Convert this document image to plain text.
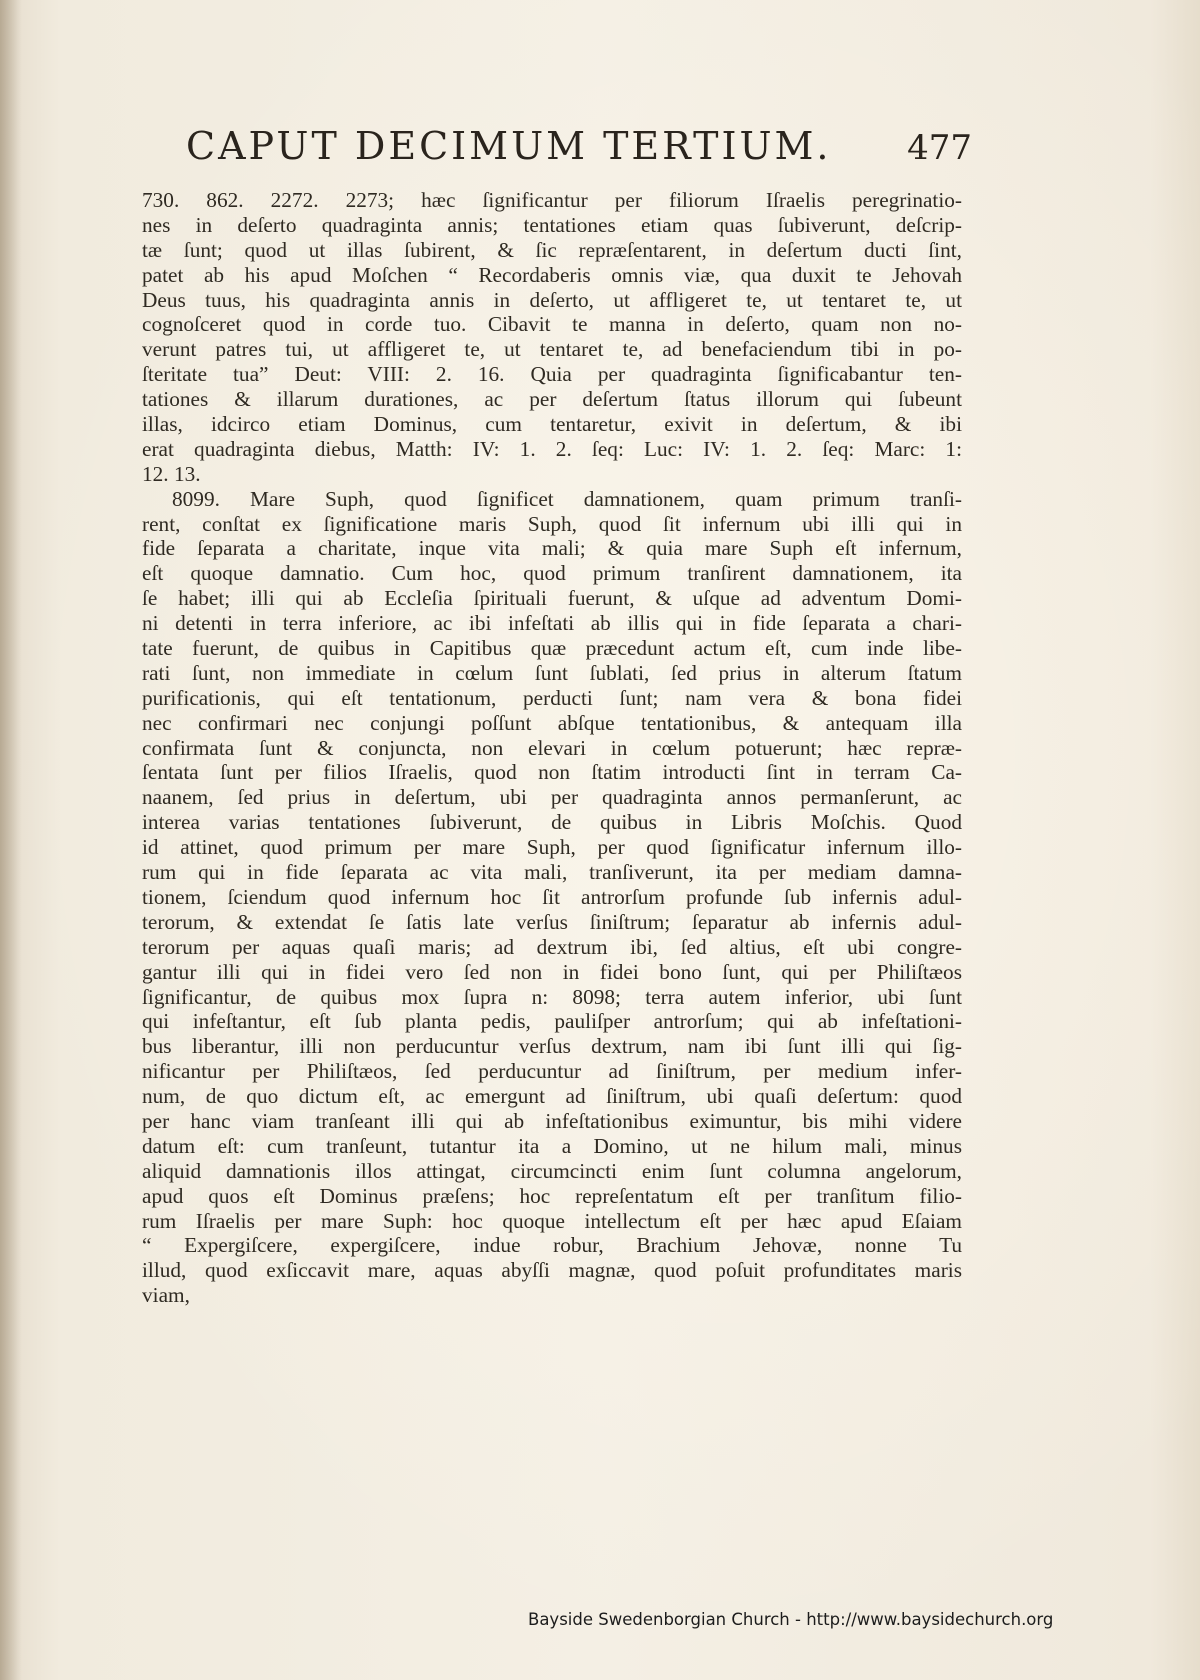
CAPUT DECIMUM TERTIUM. 477
730. 862. 2272. 2273; hæc ſignificantur per filiorum Iſraelis peregrinatio-
nes in deſerto quadraginta annis; tentationes etiam quas ſubiverunt, deſcrip-
tæ ſunt; quod ut illas ſubirent, & ſic repræſentarent, in deſertum ducti ſint,
patet ab his apud Moſchen “ Recordaberis omnis viæ, qua duxit te Jehovah
Deus tuus, his quadraginta annis in deſerto, ut affligeret te, ut tentaret te, ut
cognoſceret quod in corde tuo. Cibavit te manna in deſerto, quam non no-
verunt patres tui, ut affligeret te, ut tentaret te, ad benefaciendum tibi in po-
ſteritate tua” Deut: VIII: 2. 16. Quia per quadraginta ſignificabantur ten-
tationes & illarum durationes, ac per deſertum ſtatus illorum qui ſubeunt
illas, idcirco etiam Dominus, cum tentaretur, exivit in deſertum, & ibi
erat quadraginta diebus, Matth: IV: 1. 2. ſeq: Luc: IV: 1. 2. ſeq: Marc: 1:
12. 13.
8099. Mare Suph, quod ſignificet damnationem, quam primum tranſi-
rent, conſtat ex ſignificatione maris Suph, quod ſit infernum ubi illi qui in
fide ſeparata a charitate, inque vita mali; & quia mare Suph eſt infernum,
eſt quoque damnatio. Cum hoc, quod primum tranſirent damnationem, ita
ſe habet; illi qui ab Eccleſia ſpirituali fuerunt, & uſque ad adventum Domi-
ni detenti in terra inferiore, ac ibi infeſtati ab illis qui in fide ſeparata a chari-
tate fuerunt, de quibus in Capitibus quæ præcedunt actum eſt, cum inde libe-
rati ſunt, non immediate in cœlum ſunt ſublati, ſed prius in alterum ſtatum
purificationis, qui eſt tentationum, perducti ſunt; nam vera & bona fidei
nec confirmari nec conjungi poſſunt abſque tentationibus, & antequam illa
confirmata ſunt & conjuncta, non elevari in cœlum potuerunt; hæc repræ-
ſentata ſunt per filios Iſraelis, quod non ſtatim introducti ſint in terram Ca-
naanem, ſed prius in deſertum, ubi per quadraginta annos permanſerunt, ac
interea varias tentationes ſubiverunt, de quibus in Libris Moſchis. Quod
id attinet, quod primum per mare Suph, per quod ſignificatur infernum illo-
rum qui in fide ſeparata ac vita mali, tranſiverunt, ita per mediam damna-
tionem, ſciendum quod infernum hoc ſit antrorſum profunde ſub infernis adul-
terorum, & extendat ſe ſatis late verſus ſiniſtrum; ſeparatur ab infernis adul-
terorum per aquas quaſi maris; ad dextrum ibi, ſed altius, eſt ubi congre-
gantur illi qui in fidei vero ſed non in fidei bono ſunt, qui per Philiſtæos
ſignificantur, de quibus mox ſupra n: 8098; terra autem inferior, ubi ſunt
qui infeſtantur, eſt ſub planta pedis, pauliſper antrorſum; qui ab infeſtationi-
bus liberantur, illi non perducuntur verſus dextrum, nam ibi ſunt illi qui ſig-
nificantur per Philiſtæos, ſed perducuntur ad ſiniſtrum, per medium infer-
num, de quo dictum eſt, ac emergunt ad ſiniſtrum, ubi quaſi deſertum: quod
per hanc viam tranſeant illi qui ab infeſtationibus eximuntur, bis mihi videre
datum eſt: cum tranſeunt, tutantur ita a Domino, ut ne hilum mali, minus
aliquid damnationis illos attingat, circumcincti enim ſunt columna angelorum,
apud quos eſt Dominus præſens; hoc repreſentatum eſt per tranſitum filio-
rum Iſraelis per mare Suph: hoc quoque intellectum eſt per hæc apud Eſaiam
“ Expergiſcere, expergiſcere, indue robur, Brachium Jehovæ, nonne Tu
illud, quod exſiccavit mare, aquas abyſſi magnæ, quod poſuit profunditates maris
viam,
Bayside Swedenborgian Church - http://www.baysidechurch.org
